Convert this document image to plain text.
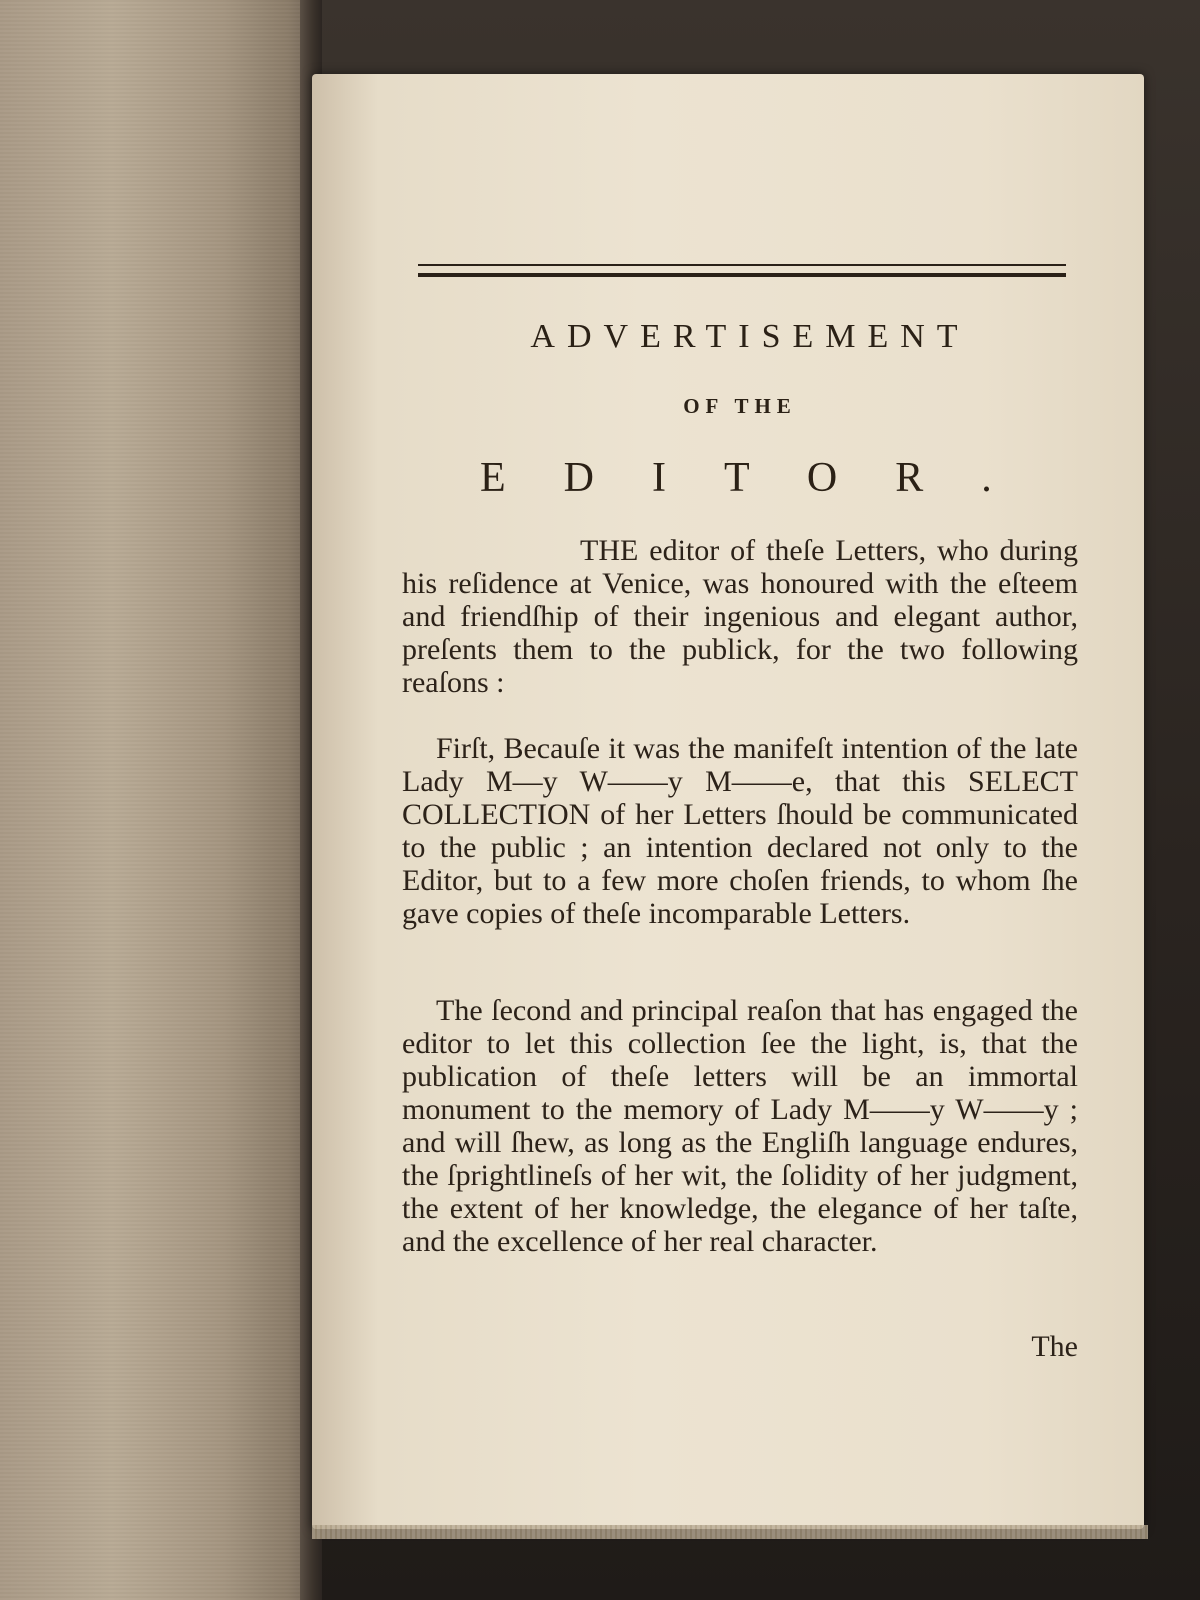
ADVERTISEMENT
OF THE
EDITOR.

THE editor of theſe Letters, who during his reſidence at Venice, was honoured with the eſteem and friendſhip of their ingenious and elegant author, preſents them to the publick, for the two following reaſons :

Firſt, Becauſe it was the manifeſt intention of the late Lady M—y W——y M——e, that this SELECT COLLECTION of her Letters ſhould be communicated to the public ; an intention declared not only to the Editor, but to a few more choſen friends, to whom ſhe gave copies of theſe incomparable Letters.

The ſecond and principal reaſon that has engaged the editor to let this collection ſee the light, is, that the publication of theſe letters will be an immortal monument to the memory of Lady M——y W——y ; and will ſhew, as long as the Engliſh language endures, the ſprightlineſs of her wit, the ſolidity of her judgment, the extent of her knowledge, the elegance of her taſte, and the excellence of her real character.

The
